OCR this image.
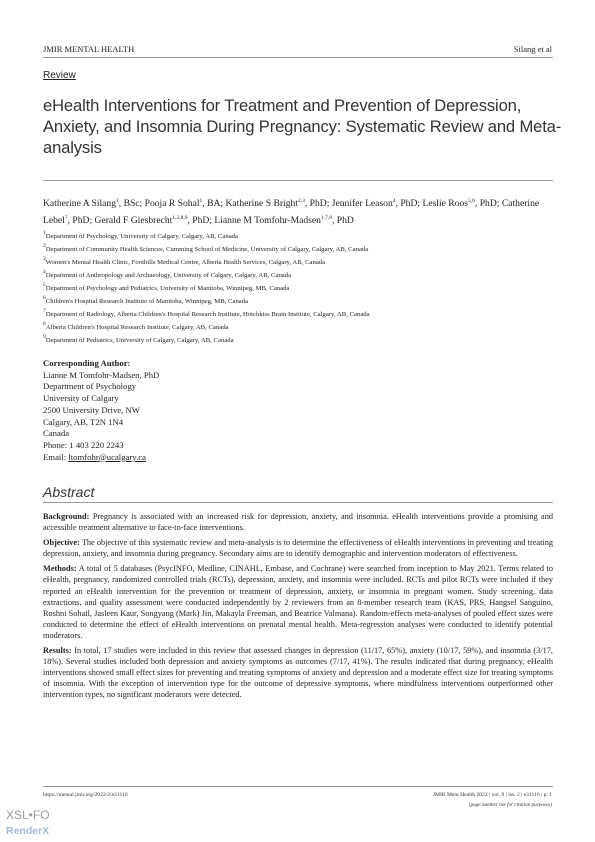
JMIR MENTAL HEALTH	Silang et al
Review
eHealth Interventions for Treatment and Prevention of Depression, Anxiety, and Insomnia During Pregnancy: Systematic Review and Meta-analysis
Katherine A Silang$^1$, BSc; Pooja R Sohal$^1$, BA; Katherine S Bright$^{2,3}$, PhD; Jennifer Leason$^4$, PhD; Leslie Roos$^{5,6}$, PhD; Catherine Lebel$^7$, PhD; Gerald F Giesbrecht$^{1,2,8,9}$, PhD; Lianne M Tomfohr-Madsen$^{1,7,8}$, PhD
$^1$Department of Psychology, University of Calgary, Calgary, AB, Canada
$^2$Department of Community Health Sciences, Cumming School of Medicine, University of Calgary, Calgary, AB, Canada
$^3$Women's Mental Health Clinic, Foothills Medical Centre, Alberta Health Services, Calgary, AB, Canada
$^4$Department of Anthropology and Archaeology, University of Calgary, Calgary, AB, Canada
$^5$Department of Psychology and Pediatrics, University of Manitoba, Winnipeg, MB, Canada
$^6$Children's Hospital Research Institute of Manitoba, Winnipeg, MB, Canada
$^7$Department of Radiology, Alberta Children's Hospital Research Institute, Hotchkiss Brain Institute, Calgary, AB, Canada
$^8$Alberta Children's Hospital Research Institute, Calgary, AB, Canada
$^9$Department of Pediatrics, University of Calgary, Calgary, AB, Canada
Corresponding Author:
Lianne M Tomfohr-Madsen, PhD
Department of Psychology
University of Calgary
2500 University Drive, NW
Calgary, AB, T2N 1N4
Canada
Phone: 1 403 220 2243
Email: ltomfohr@ucalgary.ca
Abstract

Background: Pregnancy is associated with an increased risk for depression, anxiety, and insomnia. eHealth interventions provide a promising and accessible treatment alternative to face-to-face interventions.

Objective: The objective of this systematic review and meta-analysis is to determine the effectiveness of eHealth interventions in preventing and treating depression, anxiety, and insomnia during pregnancy. Secondary aims are to identify demographic and intervention moderators of effectiveness.

Methods: A total of 5 databases (PsycINFO, Medline, CINAHL, Embase, and Cochrane) were searched from inception to May 2021. Terms related to eHealth, pregnancy, randomized controlled trials (RCTs), depression, anxiety, and insomnia were included. RCTs and pilot RCTs were included if they reported an eHealth intervention for the prevention or treatment of depression, anxiety, or insomnia in pregnant women. Study screening, data extractions, and quality assessment were conducted independently by 2 reviewers from an 8-member research team (KAS, PRS, Hangsel Sanguino, Roshni Sohail, Jasleen Kaur, Songyang (Mark) Jin, Makayla Freeman, and Beatrice Valmana). Random-effects meta-analyses of pooled effect sizes were conducted to determine the effect of eHealth interventions on prenatal mental health. Meta-regression analyses were conducted to identify potential moderators.

Results: In total, 17 studies were included in this review that assessed changes in depression (11/17, 65%), anxiety (10/17, 59%), and insomnia (3/17, 18%). Several studies included both depression and anxiety symptoms as outcomes (7/17, 41%). The results indicated that during pregnancy, eHealth interventions showed small effect sizes for preventing and treating symptoms of anxiety and depression and a moderate effect size for treating symptoms of insomnia. With the exception of intervention type for the outcome of depressive symptoms, where mindfulness interventions outperformed other intervention types, no significant moderators were detected.

https://mental.jmir.org/2022/2/e31116	JMIR Ment Health 2022 | vol. 9 | iss. 2 | e31116 | p. 1
(page number not for citation purposes)
XSL•FO
RenderX
